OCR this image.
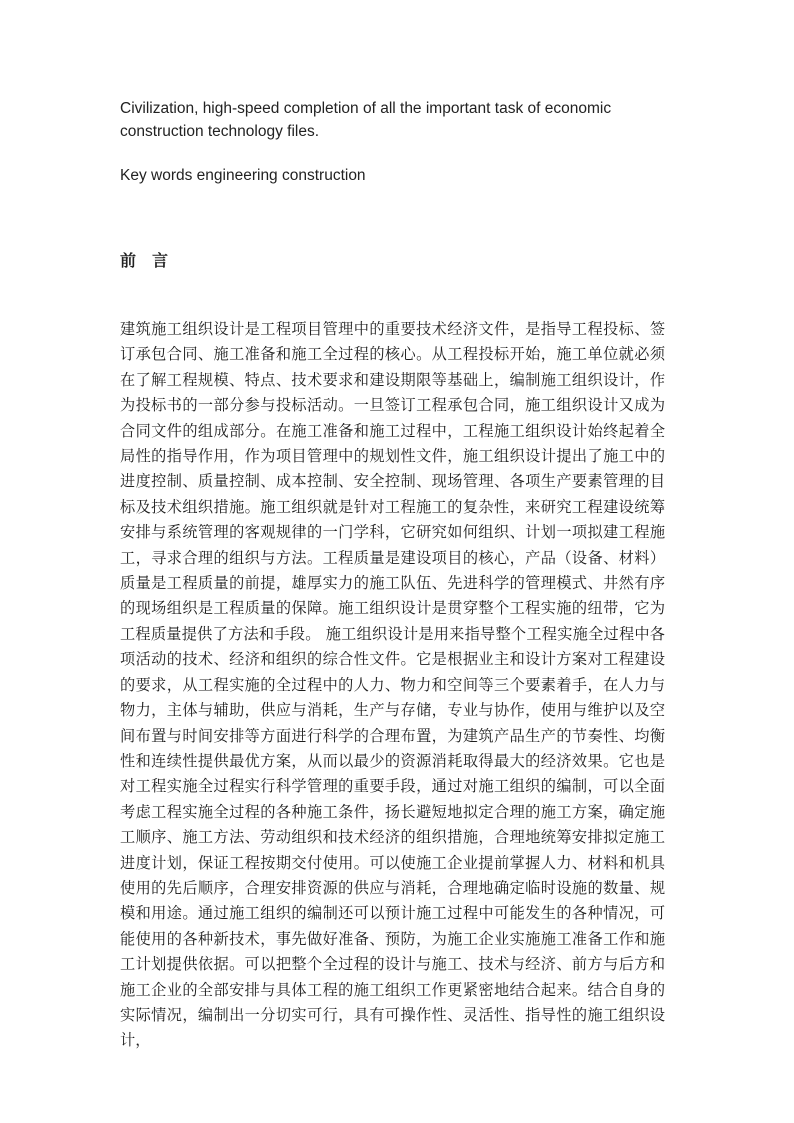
Civilization, high-speed completion of all the important task of economic construction technology files.

Key words engineering construction

前言

建筑施工组织设计是工程项目管理中的重要技术经济文件，是指导工程投标、签订承包合同、施工准备和施工全过程的核心。从工程投标开始，施工单位就必须在了解工程规模、特点、技术要求和建设期限等基础上，编制施工组织设计，作为投标书的一部分参与投标活动。一旦签订工程承包合同，施工组织设计又成为合同文件的组成部分。在施工准备和施工过程中，工程施工组织设计始终起着全局性的指导作用，作为项目管理中的规划性文件，施工组织设计提出了施工中的进度控制、质量控制、成本控制、安全控制、现场管理、各项生产要素管理的目标及技术组织措施。施工组织就是针对工程施工的复杂性，来研究工程建设统筹安排与系统管理的客观规律的一门学科，它研究如何组织、计划一项拟建工程施工，寻求合理的组织与方法。工程质量是建设项目的核心，产品（设备、材料）质量是工程质量的前提，雄厚实力的施工队伍、先进科学的管理模式、井然有序的现场组织是工程质量的保障。施工组织设计是贯穿整个工程实施的纽带，它为工程质量提供了方法和手段。 施工组织设计是用来指导整个工程实施全过程中各项活动的技术、经济和组织的综合性文件。它是根据业主和设计方案对工程建设的要求，从工程实施的全过程中的人力、物力和空间等三个要素着手，在人力与物力，主体与辅助，供应与消耗，生产与存储，专业与协作，使用与维护以及空间布置与时间安排等方面进行科学的合理布置，为建筑产品生产的节奏性、均衡性和连续性提供最优方案，从而以最少的资源消耗取得最大的经济效果。它也是对工程实施全过程实行科学管理的重要手段，通过对施工组织的编制，可以全面考虑工程实施全过程的各种施工条件，扬长避短地拟定合理的施工方案，确定施工顺序、施工方法、劳动组织和技术经济的组织措施，合理地统筹安排拟定施工进度计划，保证工程按期交付使用。可以使施工企业提前掌握人力、材料和机具使用的先后顺序，合理安排资源的供应与消耗，合理地确定临时设施的数量、规模和用途。通过施工组织的编制还可以预计施工过程中可能发生的各种情况，可能使用的各种新技术，事先做好准备、预防，为施工企业实施施工准备工作和施工计划提供依据。可以把整个全过程的设计与施工、技术与经济、前方与后方和施工企业的全部安排与具体工程的施工组织工作更紧密地结合起来。结合自身的实际情况，编制出一分切实可行，具有可操作性、灵活性、指导性的施工组织设计，
